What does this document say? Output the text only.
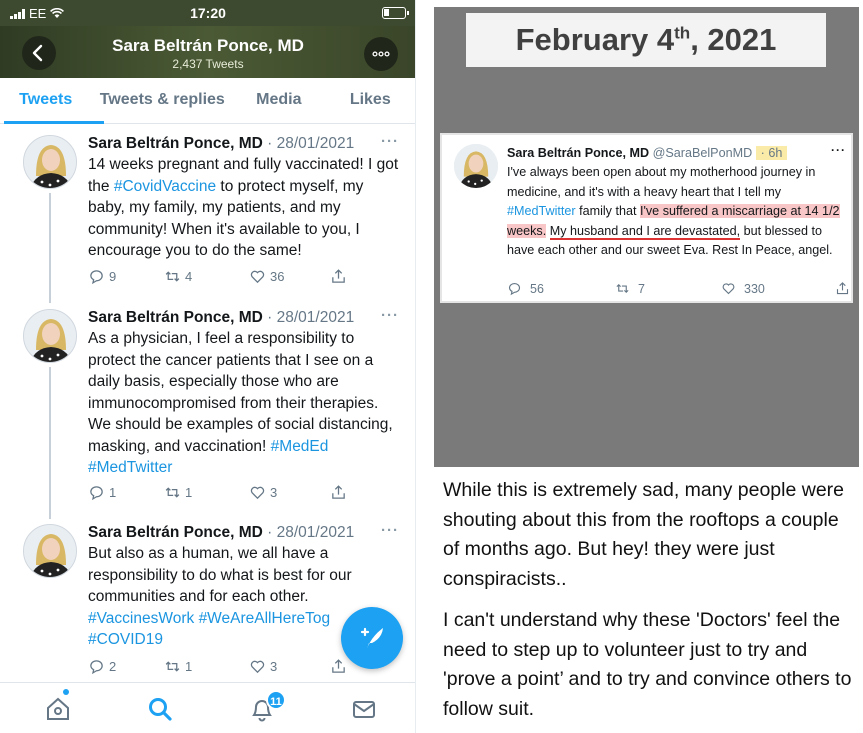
EE	17:20
Sara Beltrán Ponce, MD
2,437 Tweets
Tweets	Tweets & replies	Media	Likes
Sara Beltrán Ponce, MD · 28/01/2021 ···
14 weeks pregnant and fully vaccinated! I got the #CovidVaccine to protect myself, my baby, my family, my patients, and my community! When it's available to you, I encourage you to do the same!
9	4	36
Sara Beltrán Ponce, MD · 28/01/2021 ···
As a physician, I feel a responsibility to protect the cancer patients that I see on a daily basis, especially those who are immunocompromised from their therapies. We should be examples of social distancing, masking, and vaccination! #MedEd #MedTwitter
1	1	3
Sara Beltrán Ponce, MD · 28/01/2021 ···
But also as a human, we all have a responsibility to do what is best for our communities and for each other.
#VaccinesWork #WeAreAllHereTog
#COVID19
2	1	3
11
February 4th, 2021
Sara Beltrán Ponce, MD @SaraBelPonMD · 6h	···
I've always been open about my motherhood journey in medicine, and it's with a heavy heart that I tell my #MedTwitter family that I've suffered a miscarriage at 14 1/2 weeks. My husband and I are devastated, but blessed to have each other and our sweet Eva. Rest In Peace, angel.
56	7	330

While this is extremely sad, many people were shouting about this from the rooftops a couple of months ago. But hey! they were just conspiracists..

I can't understand why these 'Doctors' feel the need to step up to volunteer just to try and 'prove a point’ and to try and convince others to follow suit.
